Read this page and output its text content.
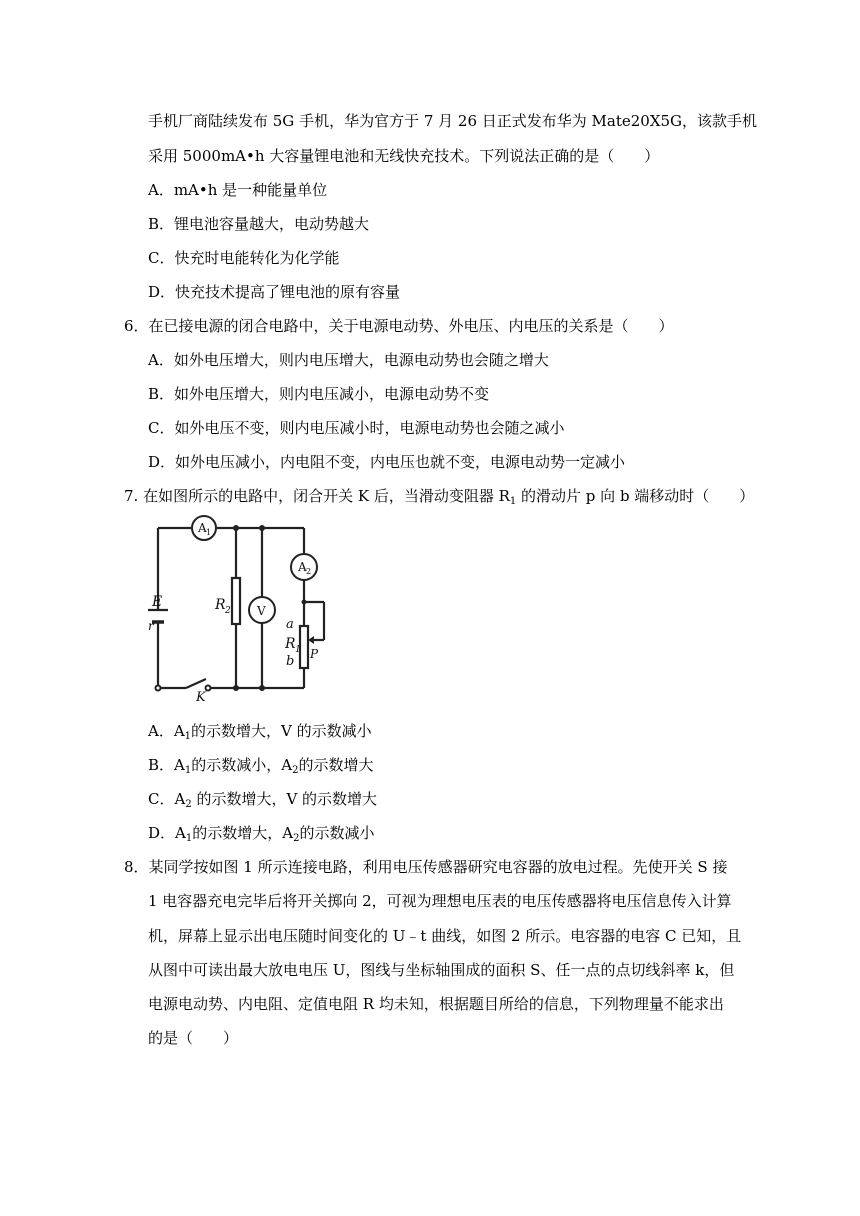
手机厂商陆续发布 5G 手机，华为官方于 7 月 26 日正式发布华为 Mate20X5G，该款手机
采用 5000mA•h 大容量锂电池和无线快充技术。下列说法正确的是（　　）
A．mA•h 是一种能量单位
B．锂电池容量越大，电动势越大
C．快充时电能转化为化学能
D．快充技术提高了锂电池的原有容量
6．在已接电源的闭合电路中，关于电源电动势、外电压、内电压的关系是（　　）
A．如外电压增大，则内电压增大，电源电动势也会随之增大
B．如外电压增大，则内电压减小，电源电动势不变
C．如外电压不变，则内电压减小时，电源电动势也会随之减小
D．如外电压减小，内电阻不变，内电压也就不变，电源电动势一定减小
7. 在如图所示的电路中，闭合开关 K 后，当滑动变阻器 $R_1$ 的滑动片 p 向 b 端移动时（　　）
A 1
V
A 2
E
r
R 2
a
R 1
b P
K
A．$A_1$的示数增大，V 的示数减小
B．$A_1$的示数减小，$A_2$的示数增大
C．$A_2$ 的示数增大，V 的示数增大
D．$A_1$的示数增大，$A_2$的示数减小
8．某同学按如图 1 所示连接电路，利用电压传感器研究电容器的放电过程。先使开关 S 接
1 电容器充电完毕后将开关掷向 2，可视为理想电压表的电压传感器将电压信息传入计算
机，屏幕上显示出电压随时间变化的 U﹣t 曲线，如图 2 所示。电容器的电容 C 已知，且
从图中可读出最大放电电压 U，图线与坐标轴围成的面积 S、任一点的点切线斜率 k，但
电源电动势、内电阻、定值电阻 R 均未知，根据题目所给的信息，下列物理量不能求出
的是（　　）
